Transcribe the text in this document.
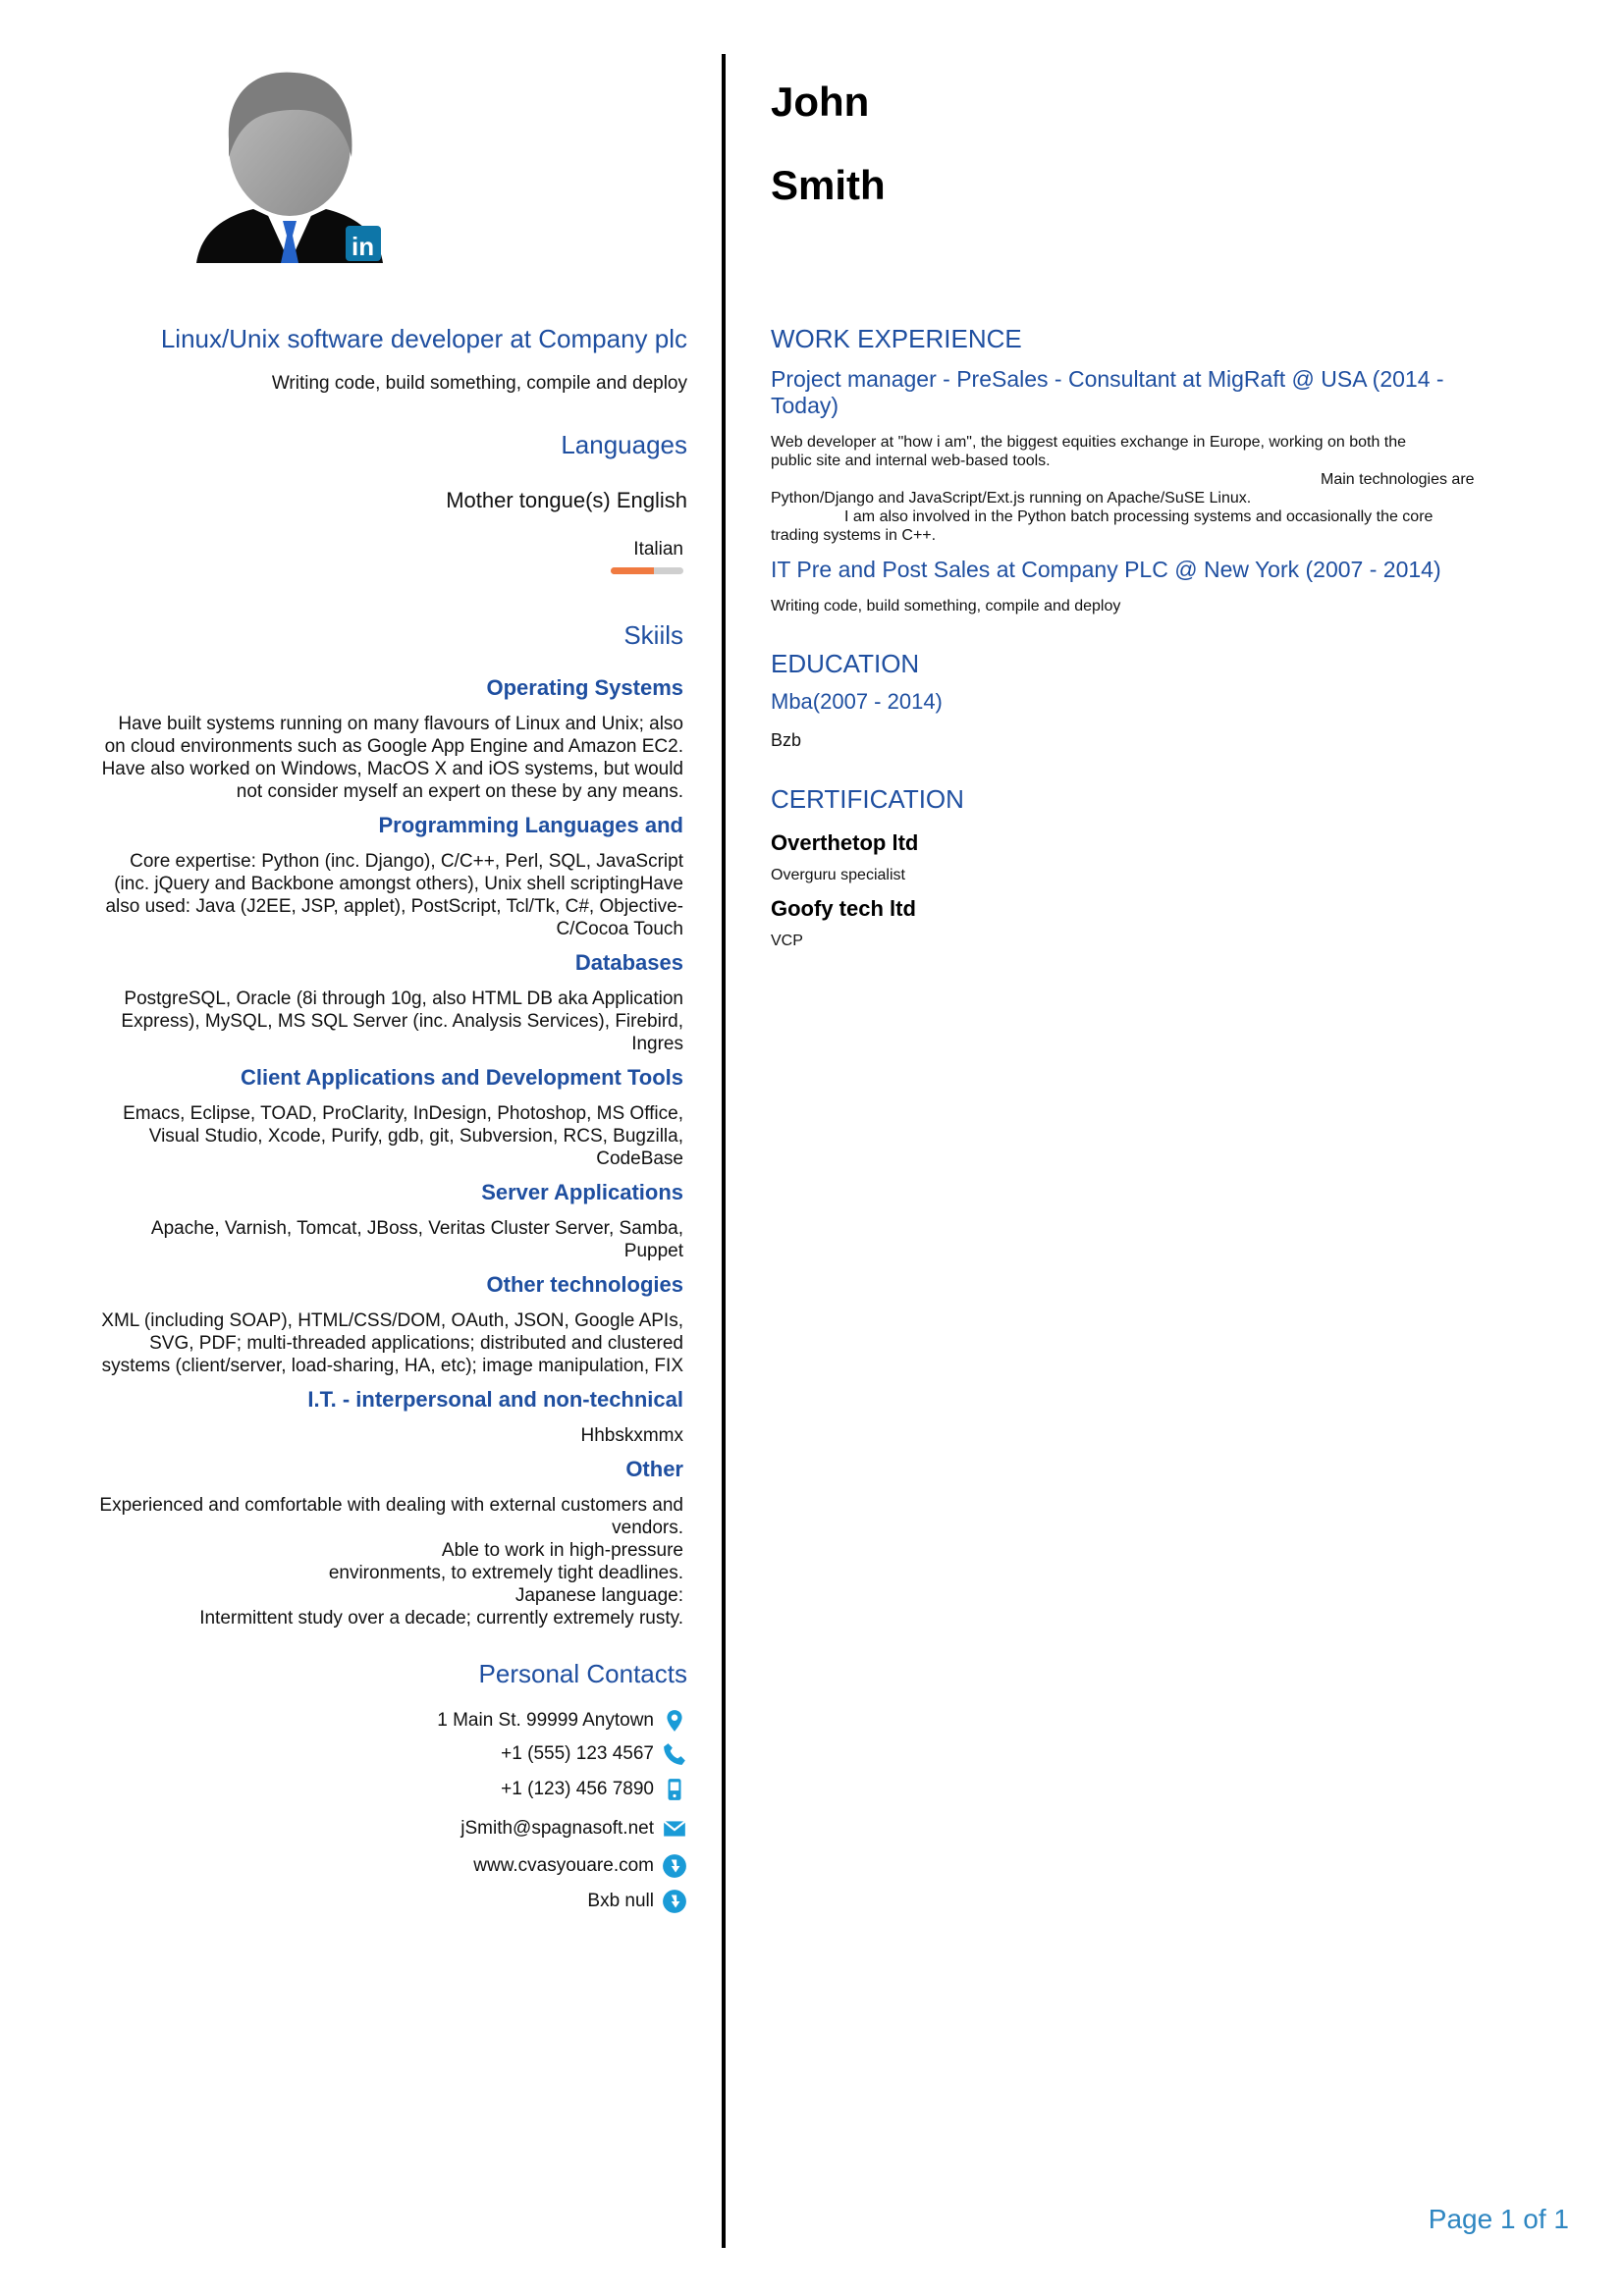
in
John
Smith
Linux/Unix software developer at Company plc
Writing code, build something, compile and deploy
Languages
Mother tongue(s) English
Italian
Skiils
Operating Systems
Have built systems running on many flavours of Linux and Unix; also
on cloud environments such as Google App Engine and Amazon EC2.
Have also worked on Windows, MacOS X and iOS systems, but would
not consider myself an expert on these by any means.
Programming Languages and
Core expertise: Python (inc. Django), C/C++, Perl, SQL, JavaScript
(inc. jQuery and Backbone amongst others), Unix shell scriptingHave
also used: Java (J2EE, JSP, applet), PostScript, Tcl/Tk, C#, Objective-
C/Cocoa Touch
Databases
PostgreSQL, Oracle (8i through 10g, also HTML DB aka Application
Express), MySQL, MS SQL Server (inc. Analysis Services), Firebird,
Ingres
Client Applications and Development Tools
Emacs, Eclipse, TOAD, ProClarity, InDesign, Photoshop, MS Office,
Visual Studio, Xcode, Purify, gdb, git, Subversion, RCS, Bugzilla,
CodeBase
Server Applications
Apache, Varnish, Tomcat, JBoss, Veritas Cluster Server, Samba,
Puppet
Other technologies
XML (including SOAP), HTML/CSS/DOM, OAuth, JSON, Google APIs,
SVG, PDF; multi-threaded applications; distributed and clustered
systems (client/server, load-sharing, HA, etc); image manipulation, FIX
I.T. - interpersonal and non-technical
Hhbskxmmx
Other
Experienced and comfortable with dealing with external customers and
vendors.
Able to work in high-pressure
environments, to extremely tight deadlines.
Japanese language:
Intermittent study over a decade; currently extremely rusty.
Personal Contacts
1 Main St. 99999 Anytown
+1 (555) 123 4567
+1 (123) 456 7890
jSmith@spagnasoft.net
www.cvasyouare.com
Bxb null
WORK EXPERIENCE
Project manager - PreSales - Consultant at MigRaft @ USA (2014 - Today)
Web developer at "how i am", the biggest equities exchange in Europe, working on both the
public site and internal web-based tools.
Main technologies are
Python/Django and JavaScript/Ext.js running on Apache/SuSE Linux.
I am also involved in the Python batch processing systems and occasionally the core
trading systems in C++.
IT Pre and Post Sales at Company PLC @ New York (2007 - 2014)
Writing code, build something, compile and deploy
EDUCATION
Mba(2007 - 2014)
Bzb
CERTIFICATION
Overthetop ltd
Overguru specialist
Goofy tech ltd
VCP
Page 1 of 1
